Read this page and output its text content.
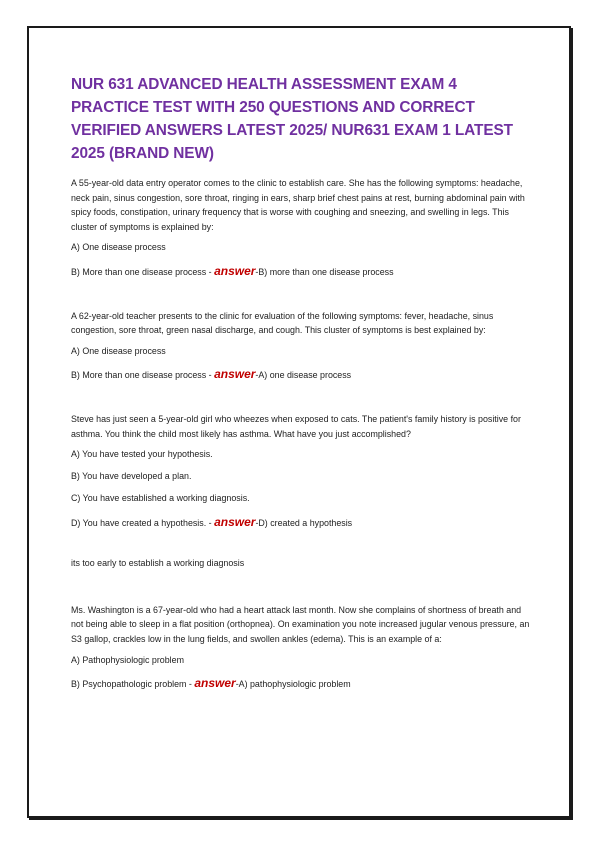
NUR 631 ADVANCED HEALTH ASSESSMENT EXAM 4 PRACTICE TEST WITH 250 QUESTIONS AND CORRECT VERIFIED ANSWERS LATEST 2025/ NUR631 EXAM 1 LATEST 2025 (BRAND NEW)

A 55-year-old data entry operator comes to the clinic to establish care. She has the following symptoms: headache, neck pain, sinus congestion, sore throat, ringing in ears, sharp brief chest pains at rest, burning abdominal pain with spicy foods, constipation, urinary frequency that is worse with coughing and sneezing, and swelling in legs. This cluster of symptoms is explained by:

A) One disease process

B) More than one disease process - answer-B) more than one disease process

A 62-year-old teacher presents to the clinic for evaluation of the following symptoms: fever, headache, sinus congestion, sore throat, green nasal discharge, and cough. This cluster of symptoms is best explained by:

A) One disease process

B) More than one disease process - answer-A) one disease process

Steve has just seen a 5-year-old girl who wheezes when exposed to cats. The patient's family history is positive for asthma. You think the child most likely has asthma. What have you just accomplished?

A) You have tested your hypothesis.

B) You have developed a plan.

C) You have established a working diagnosis.

D) You have created a hypothesis. - answer-D) created a hypothesis

its too early to establish a working diagnosis

Ms. Washington is a 67-year-old who had a heart attack last month. Now she complains of shortness of breath and not being able to sleep in a flat position (orthopnea). On examination you note increased jugular venous pressure, an S3 gallop, crackles low in the lung fields, and swollen ankles (edema). This is an example of a:

A) Pathophysiologic problem

B) Psychopathologic problem - answer-A) pathophysiologic problem
